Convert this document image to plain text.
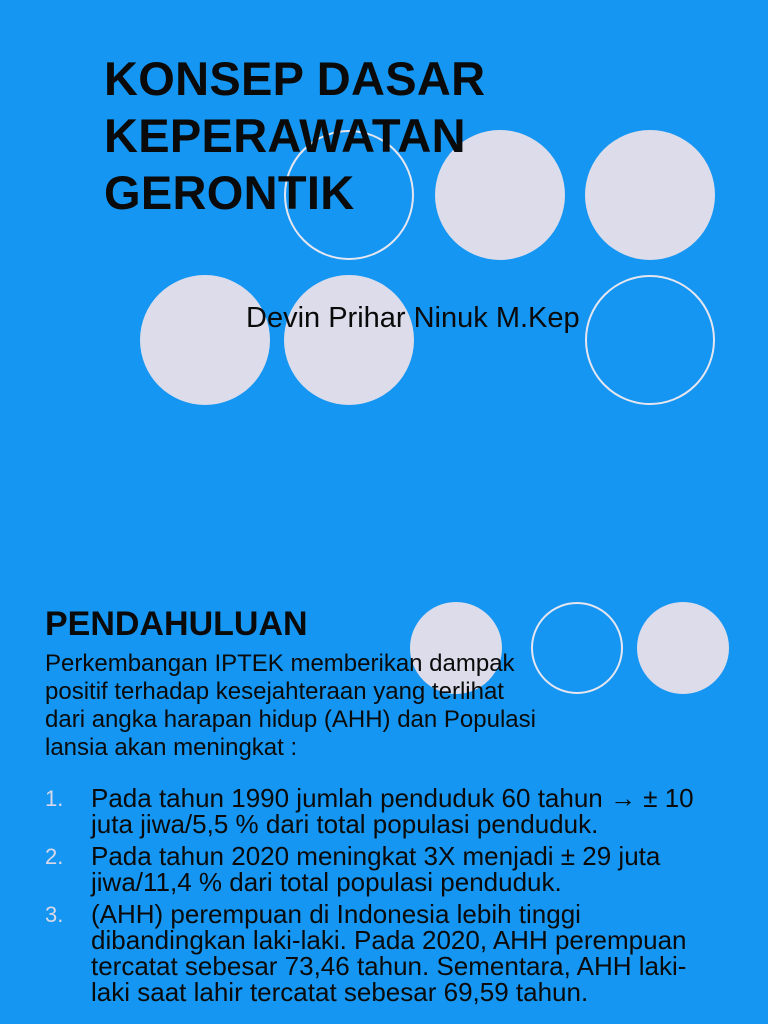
KONSEP DASAR
KEPERAWATAN
GERONTIK

Devin Prihar Ninuk M.Kep

PENDAHULUAN

Perkembangan IPTEK memberikan dampak
positif terhadap kesejahteraan yang terlihat
dari angka harapan hidup (AHH) dan Populasi
lansia akan meningkat :

1. Pada tahun 1990 jumlah penduduk 60 tahun → ± 10
juta jiwa/5,5 % dari total populasi penduduk.
2. Pada tahun 2020 meningkat 3X menjadi ± 29 juta
jiwa/11,4 % dari total populasi penduduk.
3. (AHH) perempuan di Indonesia lebih tinggi
dibandingkan laki-laki. Pada 2020, AHH perempuan
tercatat sebesar 73,46 tahun. Sementara, AHH laki-
laki saat lahir tercatat sebesar 69,59 tahun.
